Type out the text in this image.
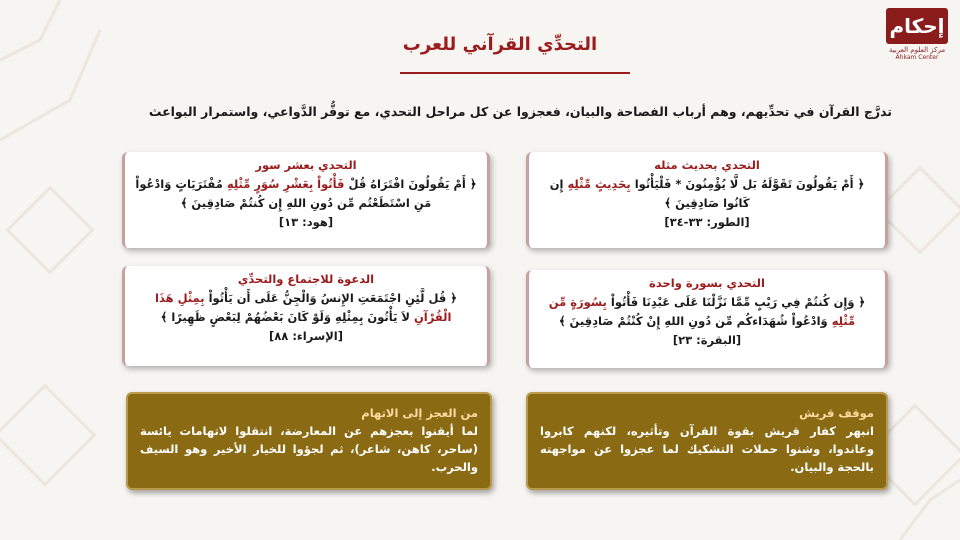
إحكام
مركز العلوم العربية
Ahkam Center
التحدِّي القرآني للعرب
تدرَّج القرآن في تحدِّيهم، وهم أرباب الفصاحة والبيان، فعجزوا عن كل مراحل التحدي، مع توفُّر الدَّواعي، واستمرار البواعث
التحدي بحديث مثله
﴿ أَمْ يَقُولُونَ تَقَوَّلَهُ بَل لَّا يُؤْمِنُونَ * فَلْيَأْتُوا بِحَدِيثٍ مِّثْلِهِ إِن كَانُوا صَادِقِينَ ﴾
[الطور: ٣٣-٣٤]
التحدي بعشر سور
﴿ أَمْ يَقُولُونَ افْتَرَاهُ قُلْ فَأْتُواْ بِعَشْرِ سُوَرٍ مِّثْلِهِ مُفْتَرَيَاتٍ وَادْعُواْ مَنِ اسْتَطَعْتُم مِّن دُونِ اللهِ إِن كُنتُمْ صَادِقِينَ ﴾
[هود: ١٣]
التحدي بسورة واحدة
﴿ وَإِن كُنتُمْ فِي رَيْبٍ مِّمَّا نَزَّلْنَا عَلَى عَبْدِنَا فَأْتُواْ بِسُورَةٍ مِّن مِّثْلِهِ وَادْعُواْ شُهَدَاءكُم مِّن دُونِ اللهِ إِنْ كُنْتُمْ صَادِقِينَ ﴾
[البقرة: ٢٣]
الدعوة للاجتماع والتحدِّي
﴿ قُل لَّئِنِ اجْتَمَعَتِ الإِنسُ وَالْجِنُّ عَلَى أَن يَأْتُواْ بِمِثْلِ هَذَا الْقُرْآنِ لاَ يَأْتُونَ بِمِثْلِهِ وَلَوْ كَانَ بَعْضُهُمْ لِبَعْضٍ ظَهِيرًا ﴾
[الإسراء: ٨٨]
موقف قريش
انبهر كفار قريش بقوة القرآن وتأثيره، لكنهم كابروا وعاندوا، وشنوا حملات التشكيك لما عجزوا عن مواجهته بالحجة والبيان.
من العجز إلى الاتهام
لما أيقنوا بعجزهم عن المعارضة، انتقلوا لاتهامات يائسة (ساحر، كاهن، شاعر)، ثم لجؤوا للخيار الأخير وهو السيف والحرب.
